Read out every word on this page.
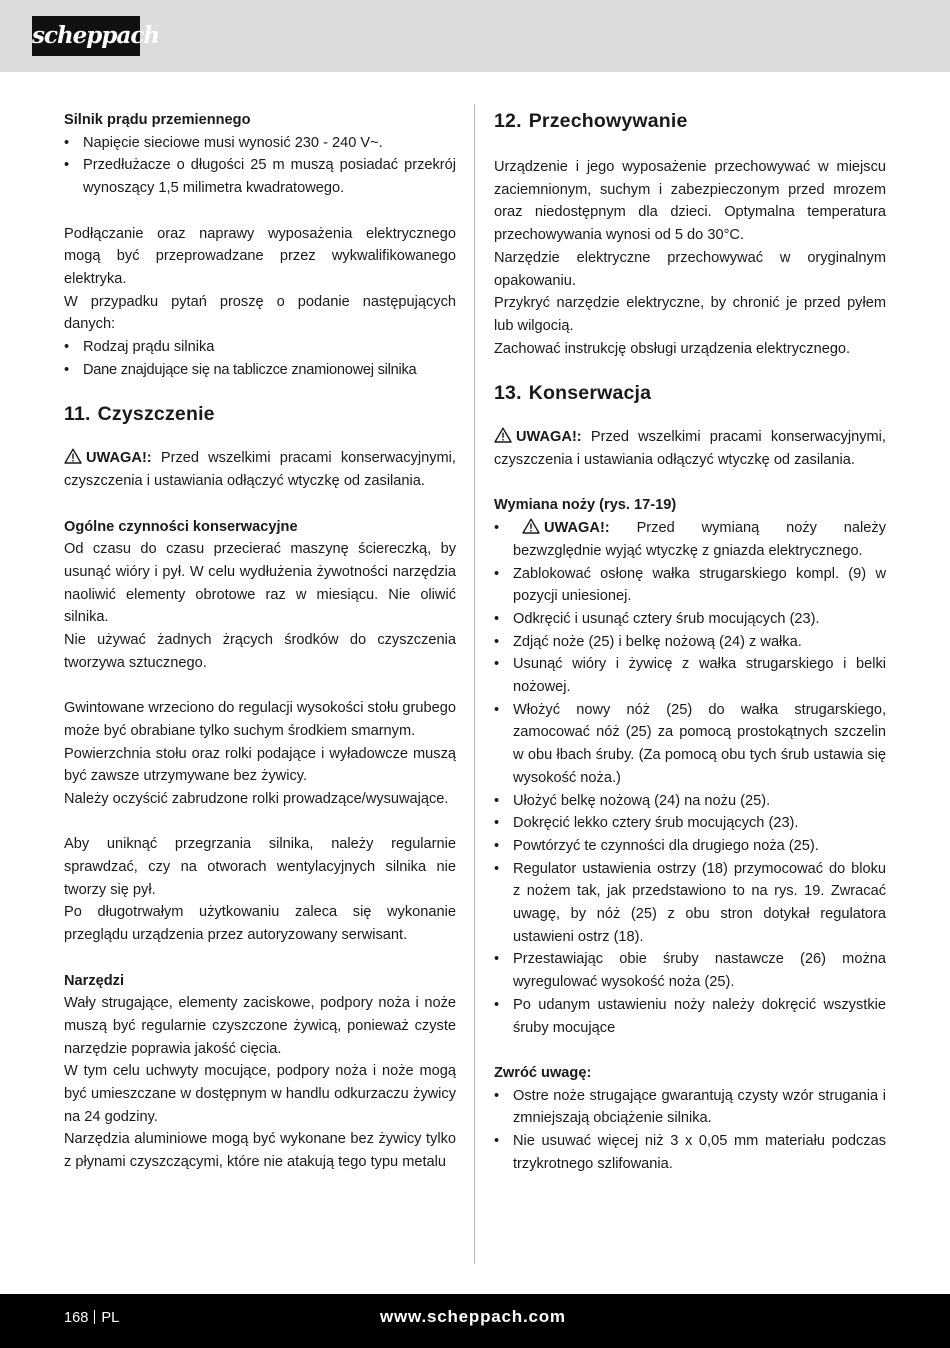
scheppach

Silnik prądu przemiennego

• Napięcie sieciowe musi wynosić 230 - 240 V~.
• Przedłużacze o długości 25 m muszą posiadać przekrój wynoszący 1,5 milimetra kwadratowego.

Podłączanie oraz naprawy wyposażenia elektrycznego mogą być przeprowadzane przez wykwalifikowanego elektryka.

W przypadku pytań proszę o podanie następujących danych:

• Rodzaj prądu silnika
• Dane znajdujące się na tabliczce znamionowej silnika
11. Czyszczenie

UWAGA!: Przed wszelkimi pracami konserwacyjnymi, czyszczenia i ustawiania odłączyć wtyczkę od zasilania.

Ogólne czynności konserwacyjne

Od czasu do czasu przecierać maszynę ściereczką, by usunąć wióry i pył. W celu wydłużenia żywotności narzędzia naoliwić elementy obrotowe raz w miesiącu. Nie oliwić silnika.

Nie używać żadnych żrących środków do czyszczenia tworzywa sztucznego.

Gwintowane wrzeciono do regulacji wysokości stołu grubego może być obrabiane tylko suchym środkiem smarnym.

Powierzchnia stołu oraz rolki podające i wyładowcze muszą być zawsze utrzymywane bez żywicy.

Należy oczyścić zabrudzone rolki prowadzące/wysuwające.

Aby uniknąć przegrzania silnika, należy regularnie sprawdzać, czy na otworach wentylacyjnych silnika nie tworzy się pył.

Po długotrwałym użytkowaniu zaleca się wykonanie przeglądu urządzenia przez autoryzowany serwisant.

Narzędzi

Wały strugające, elementy zaciskowe, podpory noża i noże muszą być regularnie czyszczone żywicą, ponieważ czyste narzędzie poprawia jakość cięcia.

W tym celu uchwyty mocujące, podpory noża i noże mogą być umieszczane w dostępnym w handlu odkurzaczu żywicy na 24 godziny.

Narzędzia aluminiowe mogą być wykonane bez żywicy tylko z płynami czyszczącymi, które nie atakują tego typu metalu

12. Przechowywanie

Urządzenie i jego wyposażenie przechowywać w miejscu zaciemnionym, suchym i zabezpieczonym przed mrozem oraz niedostępnym dla dzieci. Optymalna temperatura przechowywania wynosi od 5 do 30°C.

Narzędzie elektryczne przechowywać w oryginalnym opakowaniu.

Przykryć narzędzie elektryczne, by chronić je przed pyłem lub wilgocią.

Zachować instrukcję obsługi urządzenia elektrycznego.

13. Konserwacja

UWAGA!: Przed wszelkimi pracami konserwacyjnymi, czyszczenia i ustawiania odłączyć wtyczkę od zasilania.

Wymiana noży (rys. 17-19)

• UWAGA!: Przed wymianą noży należy bezwzględnie wyjąć wtyczkę z gniazda elektrycznego.
• Zablokować osłonę wałka strugarskiego kompl. (9) w pozycji uniesionej.
• Odkręcić i usunąć cztery śrub mocujących (23).
• Zdjąć noże (25) i belkę nożową (24) z wałka.
• Usunąć wióry i żywicę z wałka strugarskiego i belki nożowej.
• Włożyć nowy nóż (25) do wałka strugarskiego, zamocować nóż (25) za pomocą prostokątnych szczelin w obu łbach śruby. (Za pomocą obu tych śrub ustawia się wysokość noża.)
• Ułożyć belkę nożową (24) na nożu (25).
• Dokręcić lekko cztery śrub mocujących (23).
• Powtórzyć te czynności dla drugiego noża (25).
• Regulator ustawienia ostrzy (18) przymocować do bloku z nożem tak, jak przedstawiono to na rys. 19. Zwracać uwagę, by nóż (25) z obu stron dotykał regulatora ustawieni ostrz (18).
• Przestawiając obie śruby nastawcze (26) można wyregulować wysokość noża (25).
• Po udanym ustawieniu noży należy dokręcić wszystkie śruby mocujące

Zwróć uwagę:

• Ostre noże strugające gwarantują czysty wzór strugania i zmniejszają obciążenie silnika.
• Nie usuwać więcej niż 3 x 0,05 mm materiału podczas trzykrotnego szlifowania.
168 PL	www.scheppach.com
